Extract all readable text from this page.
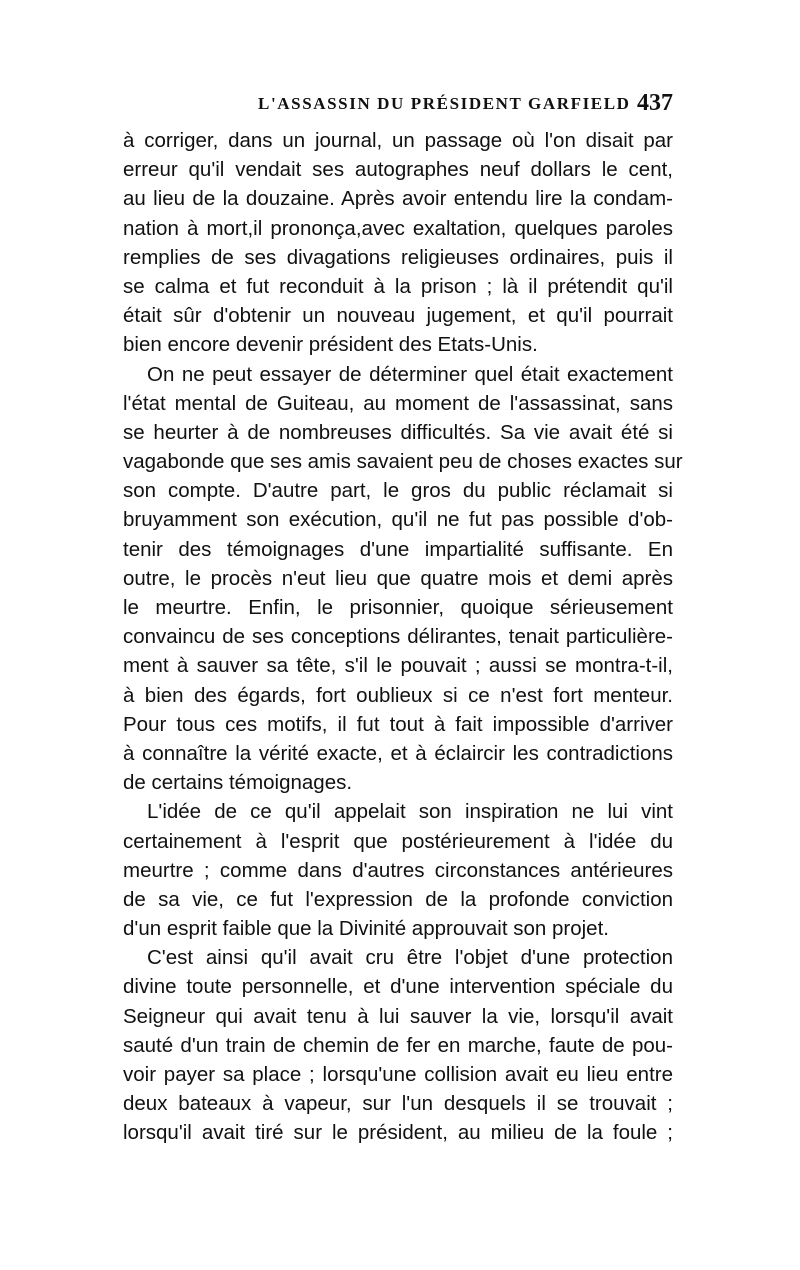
L'ASSASSIN DU PRÉSIDENT GARFIELD 437
à corriger, dans un journal, un passage où l'on disait par
erreur qu'il vendait ses autographes neuf dollars le cent,
au lieu de la douzaine. Après avoir entendu lire la condam-
nation à mort,il prononça,avec exaltation, quelques paroles
remplies de ses divagations religieuses ordinaires, puis il
se calma et fut reconduit à la prison ; là il prétendit qu'il
était sûr d'obtenir un nouveau jugement, et qu'il pourrait
bien encore devenir président des Etats-Unis.
On ne peut essayer de déterminer quel était exactement
l'état mental de Guiteau, au moment de l'assassinat, sans
se heurter à de nombreuses difficultés. Sa vie avait été si
vagabonde que ses amis savaient peu de choses exactes sur
son compte. D'autre part, le gros du public réclamait si
bruyamment son exécution, qu'il ne fut pas possible d'ob-
tenir des témoignages d'une impartialité suffisante. En
outre, le procès n'eut lieu que quatre mois et demi après
le meurtre. Enfin, le prisonnier, quoique sérieusement
convaincu de ses conceptions délirantes, tenait particulière-
ment à sauver sa tête, s'il le pouvait ; aussi se montra-t-il,
à bien des égards, fort oublieux si ce n'est fort menteur.
Pour tous ces motifs, il fut tout à fait impossible d'arriver
à connaître la vérité exacte, et à éclaircir les contradictions
de certains témoignages.
L'idée de ce qu'il appelait son inspiration ne lui vint
certainement à l'esprit que postérieurement à l'idée du
meurtre ; comme dans d'autres circonstances antérieures
de sa vie, ce fut l'expression de la profonde conviction
d'un esprit faible que la Divinité approuvait son projet.
C'est ainsi qu'il avait cru être l'objet d'une protection
divine toute personnelle, et d'une intervention spéciale du
Seigneur qui avait tenu à lui sauver la vie, lorsqu'il avait
sauté d'un train de chemin de fer en marche, faute de pou-
voir payer sa place ; lorsqu'une collision avait eu lieu entre
deux bateaux à vapeur, sur l'un desquels il se trouvait ;
lorsqu'il avait tiré sur le président, au milieu de la foule ;
